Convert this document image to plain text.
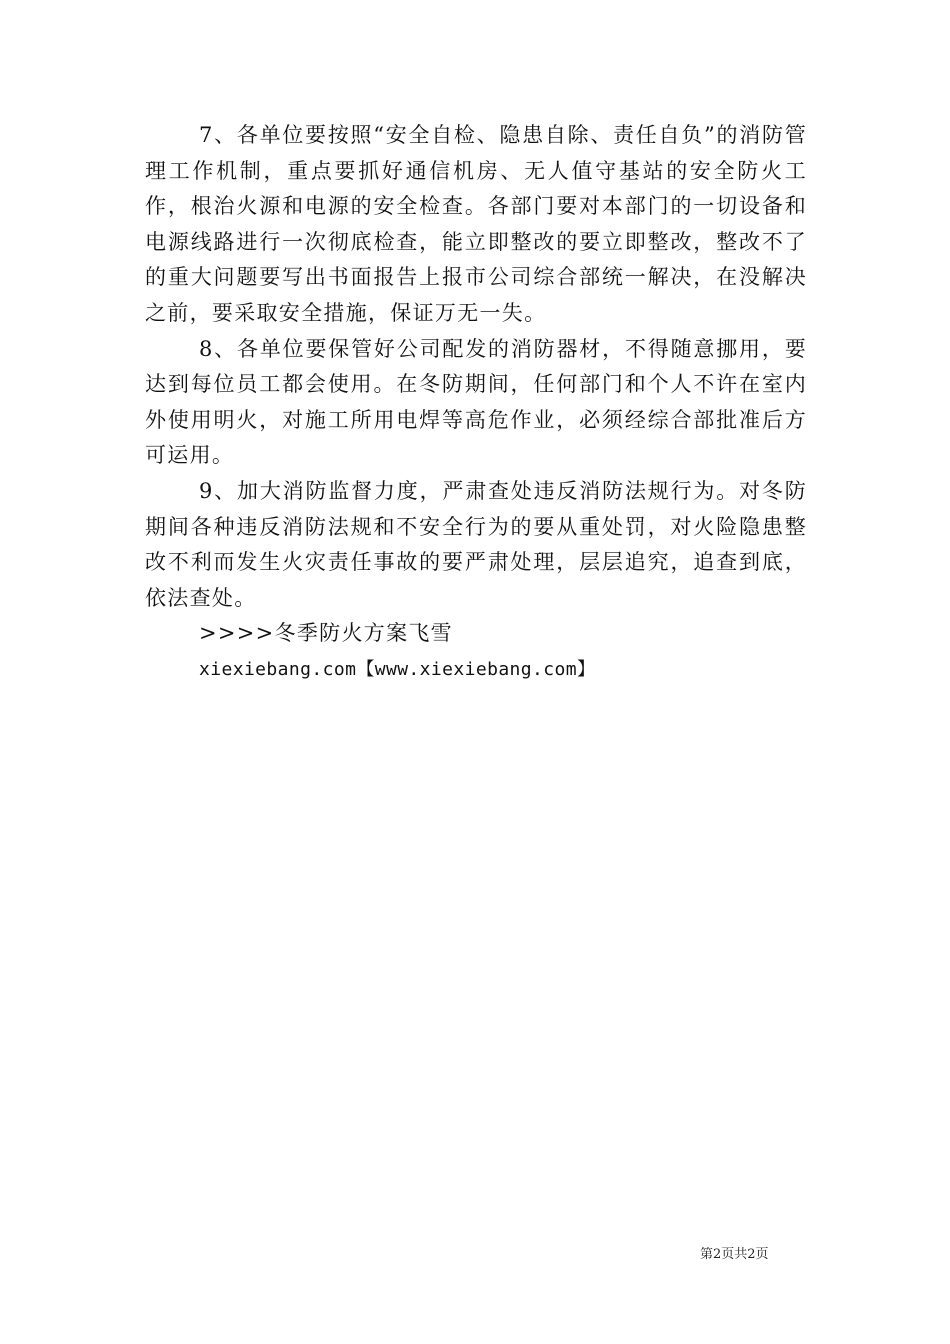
7、各单位要按照“安全自检、隐患自除、责任自负”的消防管理工作机制，重点要抓好通信机房、无人值守基站的安全防火工作，根治火源和电源的安全检查。各部门要对本部门的一切设备和电源线路进行一次彻底检查，能立即整改的要立即整改，整改不了的重大问题要写出书面报告上报市公司综合部统一解决，在没解决之前，要采取安全措施，保证万无一失。

8、各单位要保管好公司配发的消防器材，不得随意挪用，要达到每位员工都会使用。在冬防期间，任何部门和个人不许在室内外使用明火，对施工所用电焊等高危作业，必须经综合部批准后方可运用。

9、加大消防监督力度，严肃查处违反消防法规行为。对冬防期间各种违反消防法规和不安全行为的要从重处罚，对火险隐患整改不利而发生火灾责任事故的要严肃处理，层层追究，追查到底，依法查处。

>>>>冬季防火方案飞雪

xiexiebang.com【www.xiexiebang.com】

第2页共2页
